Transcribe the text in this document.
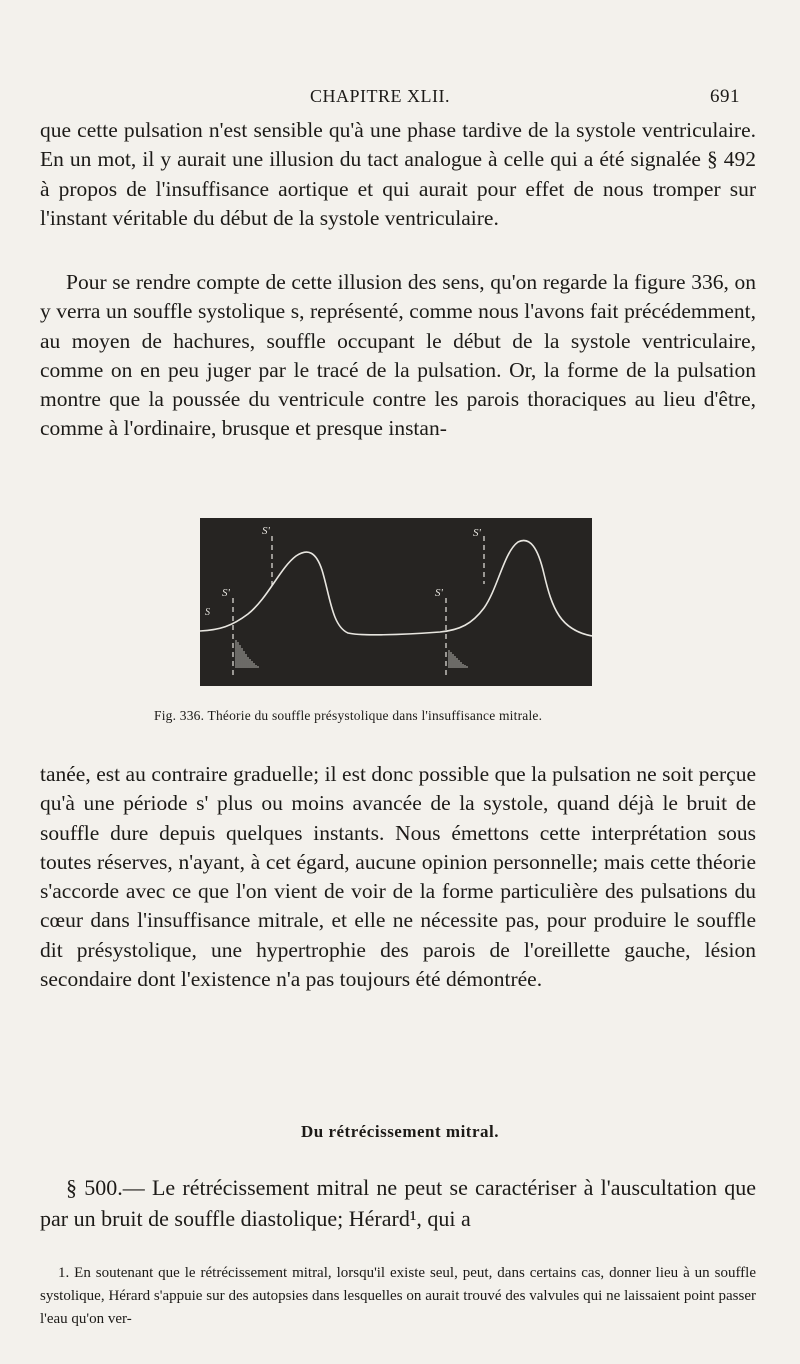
CHAPITRE XLII.	691

que cette pulsation n'est sensible qu'à une phase tardive de la systole ventriculaire. En un mot, il y aurait une illusion du tact analogue à celle qui a été signalée § 492 à propos de l'insuffisance aortique et qui aurait pour effet de nous tromper sur l'instant véritable du début de la systole ventriculaire.

Pour se rendre compte de cette illusion des sens, qu'on regarde la figure 336, on y verra un souffle systolique s, représenté, comme nous l'avons fait précédemment, au moyen de hachures, souffle occupant le début de la systole ventriculaire, comme on en peu juger par le tracé de la pulsation. Or, la forme de la pulsation montre que la poussée du ventricule contre les parois thoraciques au lieu d'être, comme à l'ordinaire, brusque et presque instan-

S'
S'
S'
S'
S
Fig. 336. Théorie du souffle présystolique dans l'insuffisance mitrale.

tanée, est au contraire graduelle; il est donc possible que la pulsation ne soit perçue qu'à une période s' plus ou moins avancée de la systole, quand déjà le bruit de souffle dure depuis quelques instants. Nous émettons cette interprétation sous toutes réserves, n'ayant, à cet égard, aucune opinion personnelle; mais cette théorie s'accorde avec ce que l'on vient de voir de la forme particulière des pulsations du cœur dans l'insuffisance mitrale, et elle ne nécessite pas, pour produire le souffle dit présystolique, une hypertrophie des parois de l'oreillette gauche, lésion secondaire dont l'existence n'a pas toujours été démontrée.

Du rétrécissement mitral.

§ 500.— Le rétrécissement mitral ne peut se caractériser à l'auscultation que par un bruit de souffle diastolique; Hérard¹, qui a

1. En soutenant que le rétrécissement mitral, lorsqu'il existe seul, peut, dans certains cas, donner lieu à un souffle systolique, Hérard s'appuie sur des autopsies dans lesquelles on aurait trouvé des valvules qui ne laissaient point passer l'eau qu'on ver-
